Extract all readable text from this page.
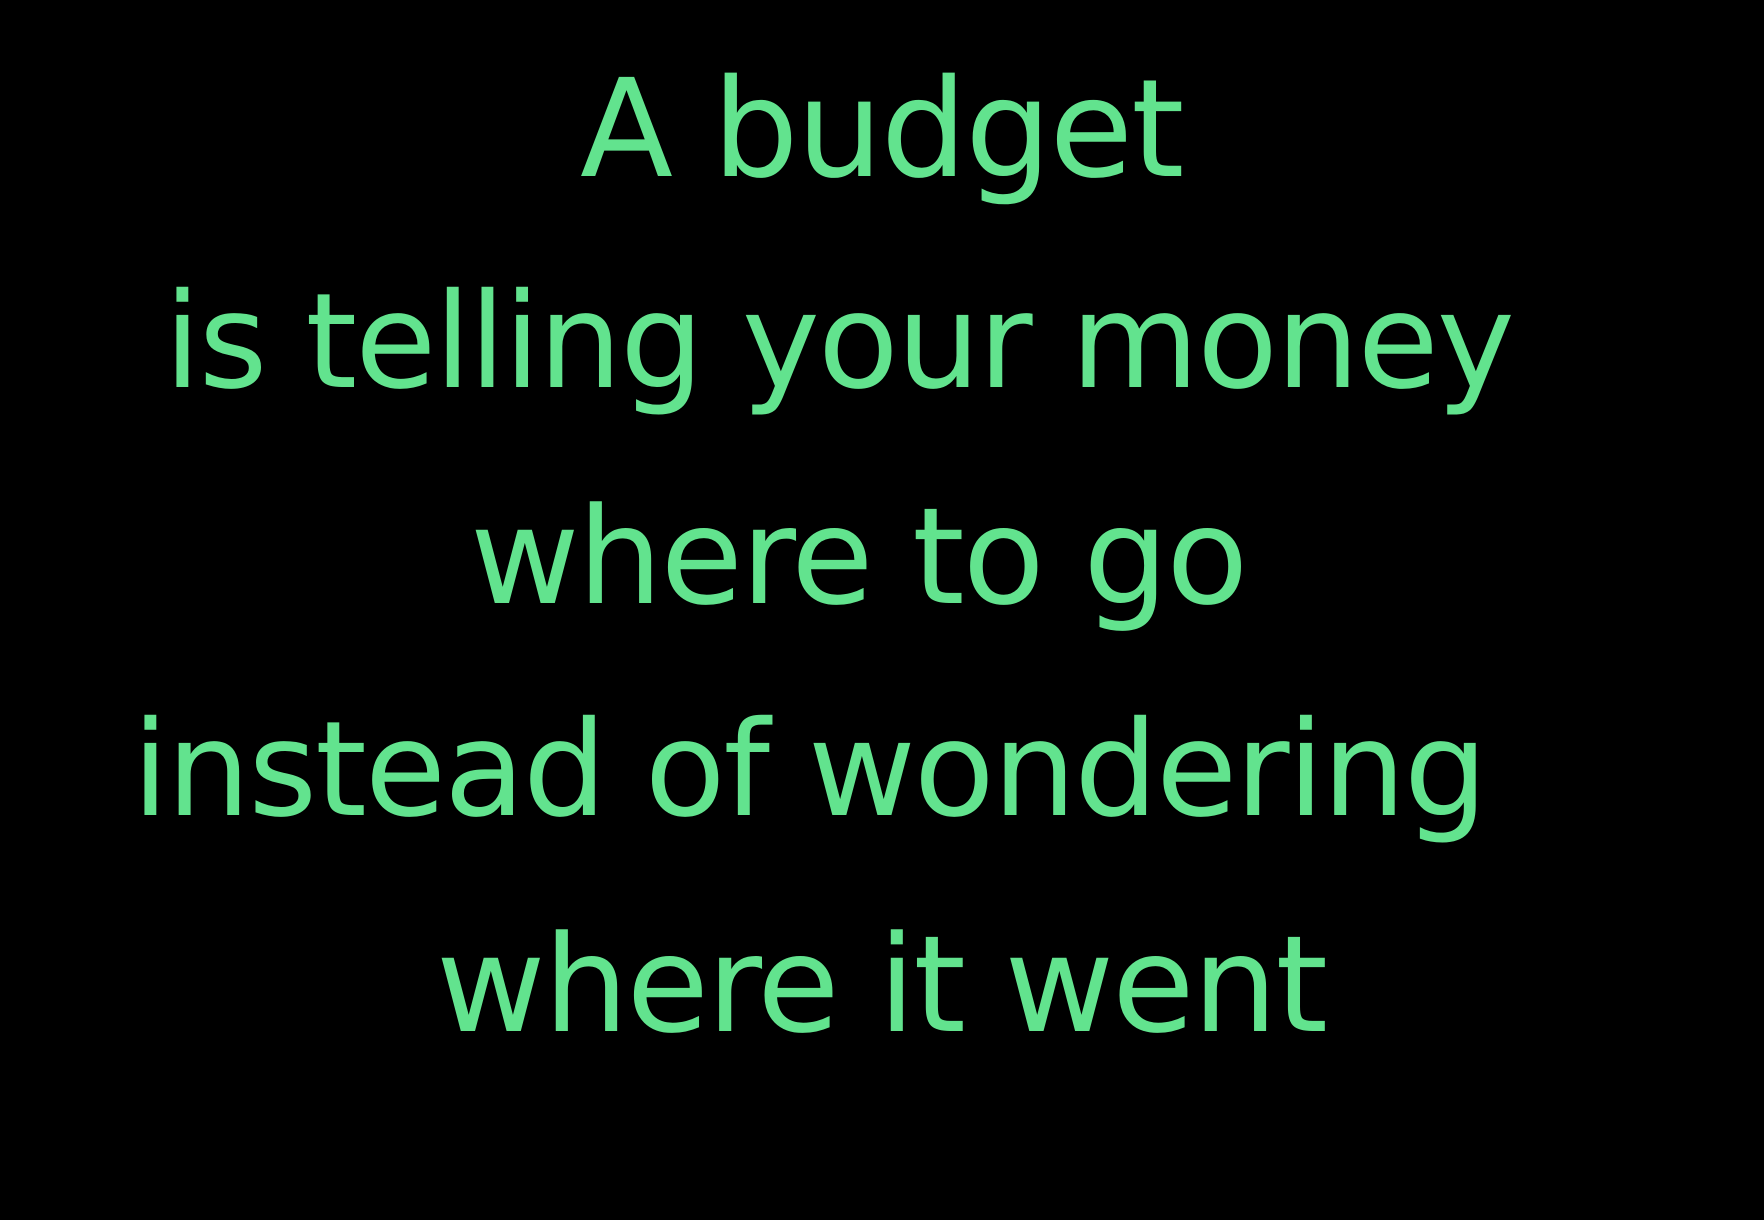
A budget

is telling your money

where to go

instead of wondering

where it went
